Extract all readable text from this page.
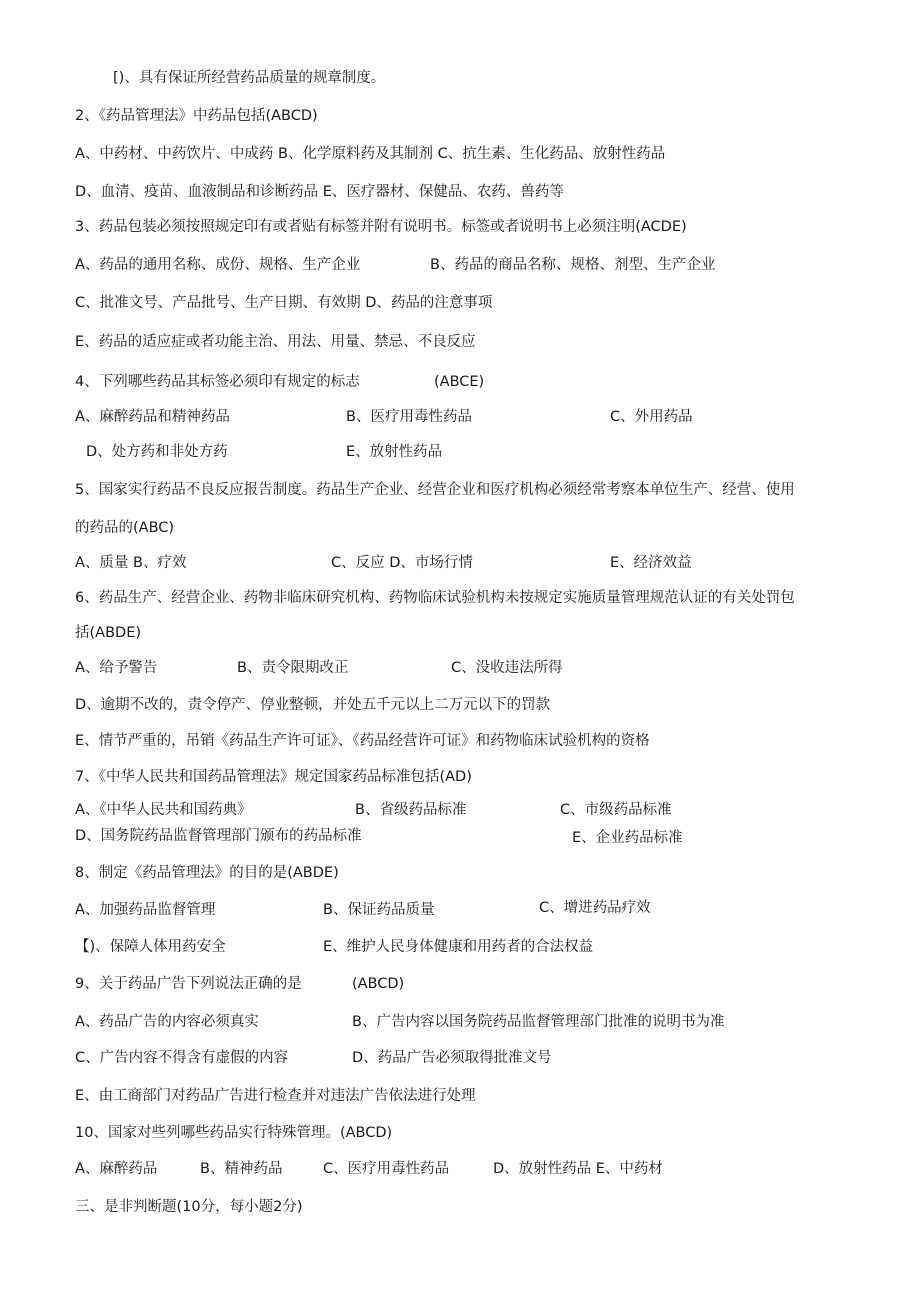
[)、具有保证所经营药品质量的规章制度。
2、《药品管理法》中药品包括(ABCD)
A、中药材、中药饮片、中成药 B、化学原料药及其制剂 C、抗生素、生化药品、放射性药品
D、血清、疫苗、血液制品和诊断药品 E、医疗器材、保健品、农药、兽药等
3、药品包装必须按照规定印有或者贴有标签并附有说明书。标签或者说明书上必须注明(ACDE)
A、药品的通用名称、成份、规格、生产企业	B、药品的商品名称、规格、剂型、生产企业
C、批准文号、产品批号、生产日期、有效期 D、药品的注意事项
E、药品的适应症或者功能主治、用法、用量、禁忌、不良反应
4、下列哪些药品其标签必须印有规定的标志	(ABCE)
A、麻醉药品和精神药品	B、医疗用毒性药品	C、外用药品
D、处方药和非处方药	E、放射性药品
5、国家实行药品不良反应报告制度。药品生产企业、经营企业和医疗机构必须经常考察本单位生产、经营、使用
的药品的(ABC)
A、质量 B、疗效	C、反应 D、市场行情	E、经济效益
6、药品生产、经营企业、药物非临床研究机构、药物临床试验机构未按规定实施质量管理规范认证的有关处罚包
括(ABDE)
A、给予警告	B、责令限期改正	C、没收违法所得
D、逾期不改的，责令停产、停业整顿，并处五千元以上二万元以下的罚款
E、情节严重的，吊销《药品生产许可证》、《药品经营许可证》和药物临床试验机构的资格
7、《中华人民共和国药品管理法》规定国家药品标准包括(AD)
A、《中华人民共和国药典》	B、省级药品标准	C、市级药品标准
D、国务院药品监督管理部门颁布的药品标准	E、企业药品标准
8、制定《药品管理法》的目的是(ABDE)
A、加强药品监督管理	B、保证药品质量	C、增进药品疗效
【)、保障人体用药安全	E、维护人民身体健康和用药者的合法权益
9、关于药品广告下列说法正确的是	(ABCD)
A、药品广告的内容必须真实	B、广告内容以国务院药品监督管理部门批准的说明书为准
C、广告内容不得含有虚假的内容	D、药品广告必须取得批准文号
E、由工商部门对药品广告进行检查并对违法广告依法进行处理
10、国家对些列哪些药品实行特殊管理。(ABCD)
A、麻醉药品	B、精神药品	C、医疗用毒性药品	D、放射性药品 E、中药材
三、是非判断题(10分，每小题2分)
